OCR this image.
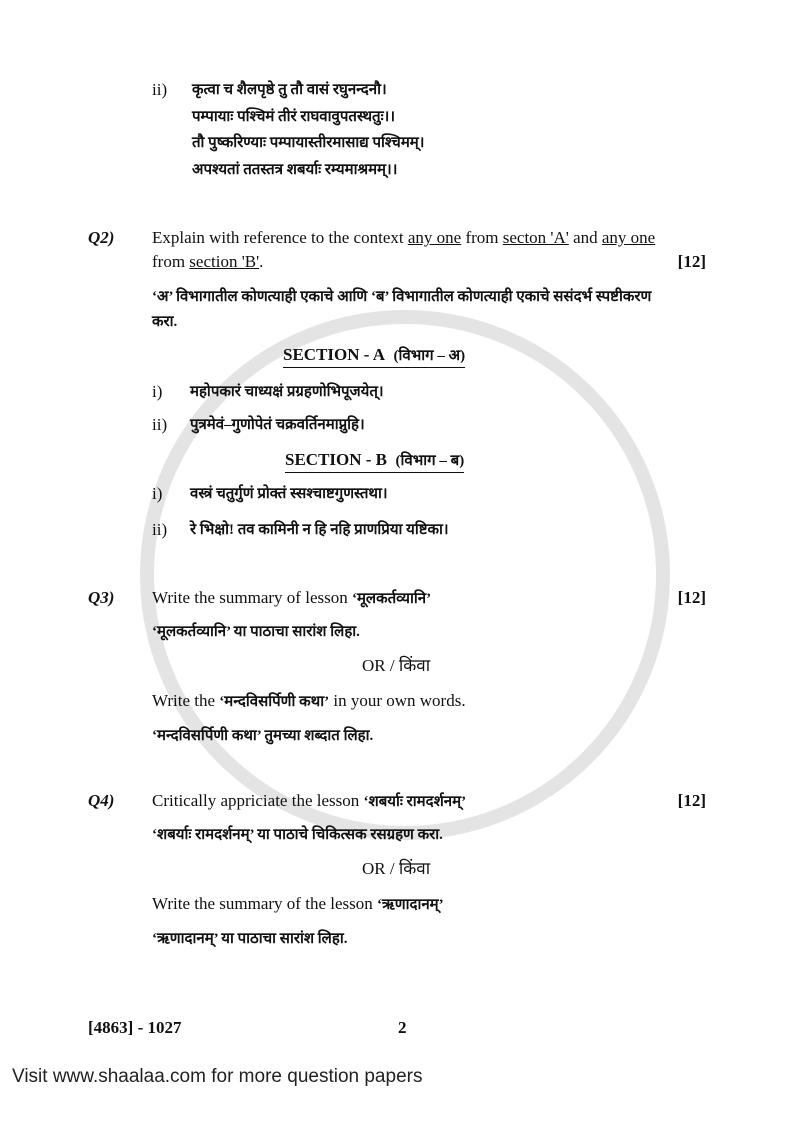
ii) कृत्वा च शैलपृष्ठे तु तौ वासं रघुनन्दनौ।
पम्पायाः पश्चिमं तीरं राघवावुपतस्थतुः।।
तौ पुष्करिण्याः पम्पायास्तीरमासाद्य पश्चिमम्।
अपश्यतां ततस्तत्र शबर्याः रम्यमाश्रमम्।।
Q2) Explain with reference to the context any one from secton 'A' and any one
from section 'B'.	[12]
‘अ’ विभागातील कोणत्याही एकाचे आणि ‘ब’ विभागातील कोणत्याही एकाचे ससंदर्भ स्पष्टीकरण
करा.
SECTION - A (विभाग – अ)
i) महोपकारं चाध्यक्षं प्रग्रहणोभिपूजयेत्।
ii) पुत्रमेवं–गुणोपेतं चक्रवर्तिनमाप्नुहि।
SECTION - B (विभाग – ब)
i) वस्त्रं चतुर्गुणं प्रोक्तं स्सश्चाष्टगुणस्तथा।
ii) रे भिक्षो! तव कामिनी न हि नहि प्राणप्रिया यष्टिका।
Q3) Write the summary of lesson ‘मूलकर्तव्यानि’	[12]
‘मूलकर्तव्यानि’ या पाठाचा सारांश लिहा.
OR / किंवा
Write the ‘मन्दविसर्पिणी कथा’ in your own words.
‘मन्दविसर्पिणी कथा’ तुमच्या शब्दात लिहा.
Q4) Critically appriciate the lesson ‘शबर्याः रामदर्शनम्’	[12]
‘शबर्याः रामदर्शनम्’ या पाठाचे चिकित्सक रसग्रहण करा.
OR / किंवा
Write the summary of the lesson ‘ऋणादानम्’
‘ऋणादानम्’ या पाठाचा सारांश लिहा.
[4863] - 1027	2
Visit www.shaalaa.com for more question papers
